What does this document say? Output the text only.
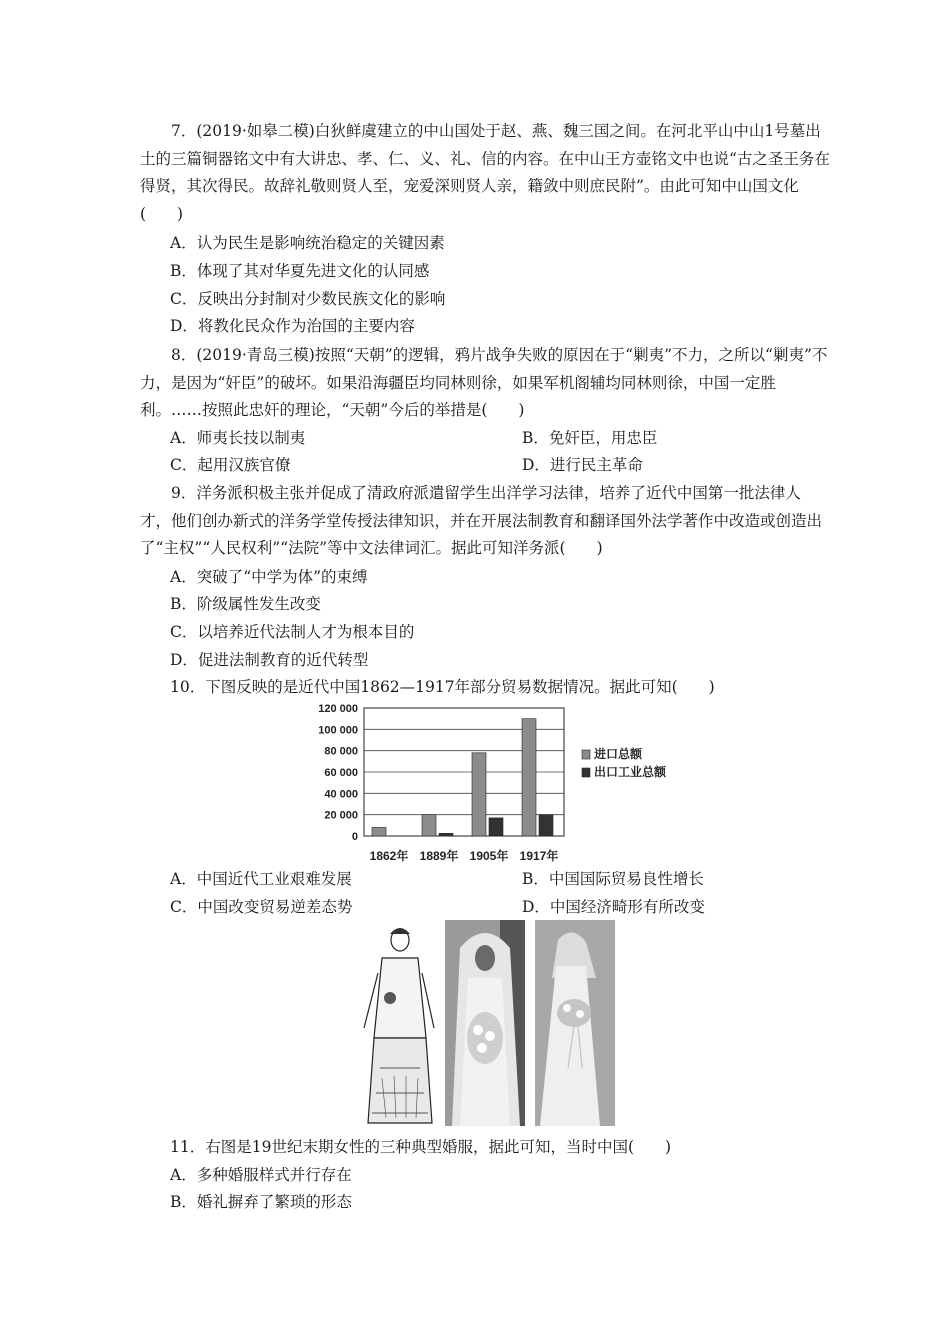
7．(2019·如皋二模)白狄鲜虞建立的中山国处于赵、燕、魏三国之间。在河北平山中山1号墓出土的三篇铜器铭文中有大讲忠、孝、仁、义、礼、信的内容。在中山王方壶铭文中也说“古之圣王务在得贤，其次得民。故辞礼敬则贤人至，宠爱深则贤人亲，籍敛中则庶民附”。由此可知中山国文化(　　)

A．认为民生是影响统治稳定的关键因素
B．体现了其对华夏先进文化的认同感
C．反映出分封制对少数民族文化的影响
D．将教化民众作为治国的主要内容

8．(2019·青岛三模)按照“天朝”的逻辑，鸦片战争失败的原因在于“剿夷”不力，之所以“剿夷”不力，是因为“奸臣”的破坏。如果沿海疆臣均同林则徐，如果军机阁辅均同林则徐，中国一定胜利。……按照此忠奸的理论，“天朝”今后的举措是(　　)

A．师夷长技以制夷	B．免奸臣，用忠臣
C．起用汉族官僚	D．进行民主革命

9．洋务派积极主张并促成了清政府派遣留学生出洋学习法律，培养了近代中国第一批法律人才，他们创办新式的洋务学堂传授法律知识，并在开展法制教育和翻译国外法学著作中改造或创造出了“主权”“人民权利”“法院”等中文法律词汇。据此可知洋务派(　　)

A．突破了“中学为体”的束缚
B．阶级属性发生改变
C．以培养近代法制人才为根本目的
D．促进法制教育的近代转型
10．下图反映的是近代中国1862—1917年部分贸易数据情况。据此可知(　　)
120 000
100 000
80 000
60 000
40 000
20 000
0
1862年 1889年 1905年 1917年
进口总额
出口工业总额
A．中国近代工业艰难发展	B．中国国际贸易良性增长
C．中国改变贸易逆差态势	D．中国经济畸形有所改变
11．右图是19世纪末期女性的三种典型婚服，据此可知，当时中国(　　)
A．多种婚服样式并行存在
B．婚礼摒弃了繁琐的形态
